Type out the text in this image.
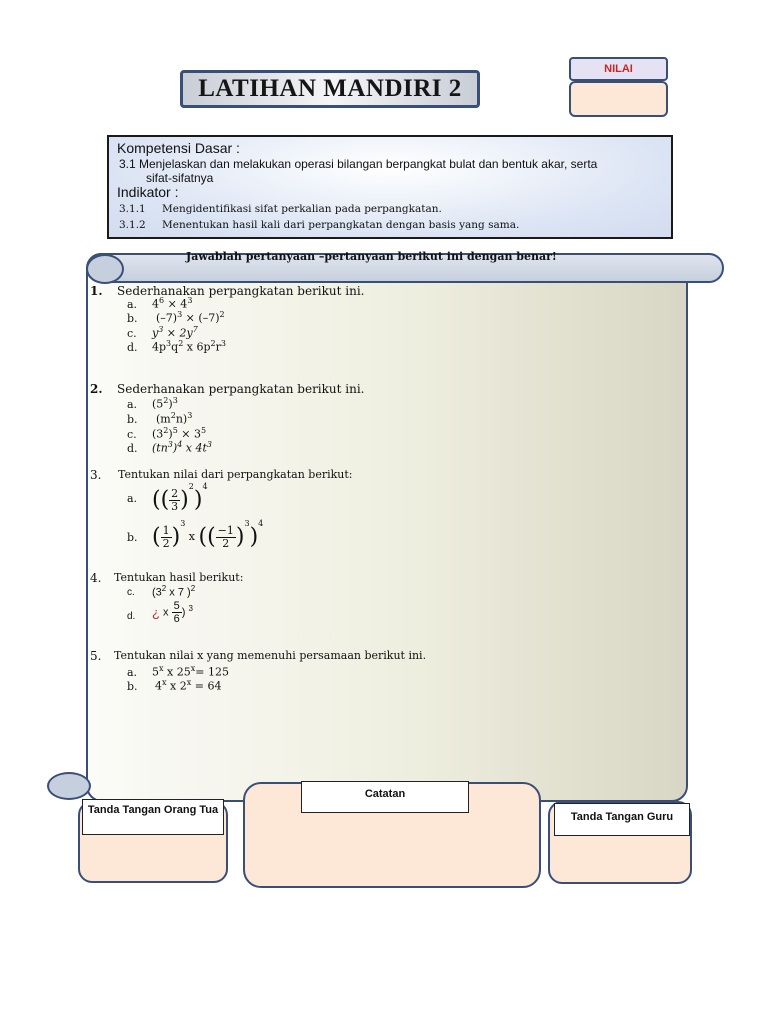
LATIHAN MANDIRI 2
NILAI
Kompetensi Dasar :
3.1 Menjelaskan dan melakukan operasi bilangan berpangkat bulat dan bentuk akar, serta
sifat-sifatnya
Indikator :
3.1.1 Mengidentifikasi sifat perkalian pada perpangkatan.
3.1.2 Menentukan hasil kali dari perpangkatan dengan basis yang sama.
Jawablah pertanyaan –pertanyaan berikut ini dengan benar!
1. Sederhanakan perpangkatan berikut ini.
a. $4^6 \times 4^3$
b. $(-7)^3 \times (-7)^2$
c. $y^3 \times 2y^7$
d. $4p^3q^2$ x $6p^2r^3$
2. Sederhanakan perpangkatan berikut ini.
a. $(5^2)^3$
b. $(m^2n)^3$
c. $(3^2)^5 \times 3^5$
d. $(tn^3)^4$ x $4t^3$
3. Tentukan nilai dari perpangkatan berikut:
a. (( $\frac{2}{3} )^2)^4$
b. ( $\frac{1}{2} )^3$ x (( $\frac{-1}{2} )^3)^4$
4. Tentukan hasil berikut:
c. ($3^2$ x 7 )$^2$
d. ¿ x $\frac{5}{6}$ ) $^3$
5. Tentukan nilai x yang memenuhi persamaan berikut ini.
a. 5$^x$ x $25^x= 125$
b. 4$^x$ x $2^x = 64$
Tanda Tangan Orang Tua
Catatan
Tanda Tangan Guru
